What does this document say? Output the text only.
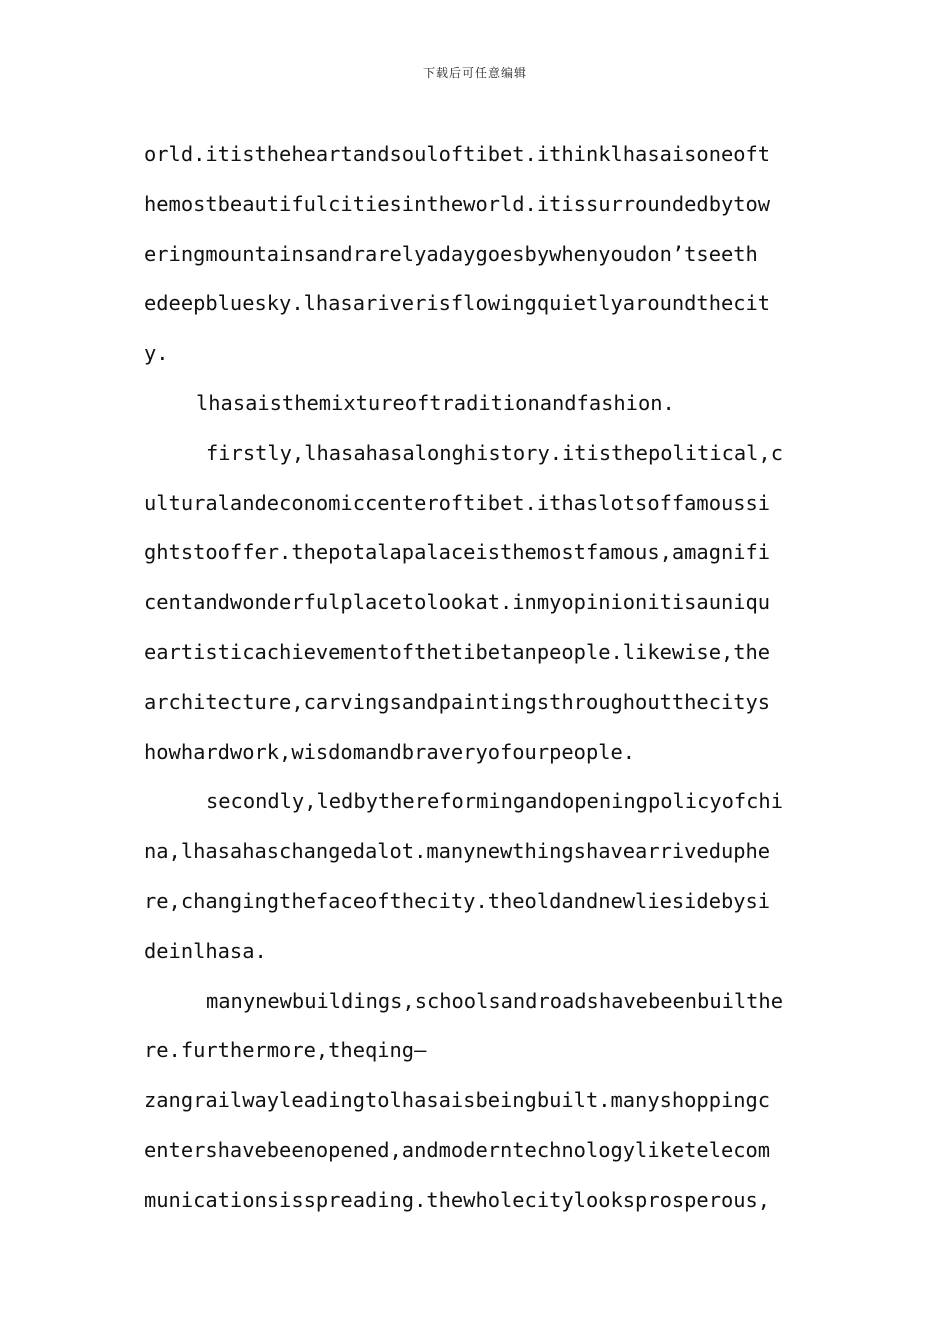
下载后可任意编辑
orld.itistheheartandsouloftibet.ithinklhasaisoneoft
hemostbeautifulcitiesintheworld.itissurroundedbytow
eringmountainsandrarelyadaygoesbywhenyoudon’tseeth
edeepbluesky.lhasariverisflowingquietlyaroundthecit
y.
lhasaisthemixtureoftraditionandfashion.
firstly,lhasahasalonghistory.itisthepolitical,c
ulturalandeconomiccenteroftibet.ithaslotsoffamoussi
ghtstooffer.thepotalapalaceisthemostfamous,amagnifi
centandwonderfulplacetolookat.inmyopinionitisauniqu
eartisticachievementofthetibetanpeople.likewise,the
architecture,carvingsandpaintingsthroughoutthecitys
howhardwork,wisdomandbraveryofourpeople.
secondly,ledbythereformingandopeningpolicyofchi
na,lhasahaschangedalot.manynewthingshavearriveduphe
re,changingthefaceofthecity.theoldandnewliesidebysi
deinlhasa.
manynewbuildings,schoolsandroadshavebeenbuilthe
re.furthermore,theqing—
zangrailwayleadingtolhasaisbeingbuilt.manyshoppingc
entershavebeenopened,andmoderntechnologyliketelecom
municationsisspreading.thewholecitylooksprosperous,
